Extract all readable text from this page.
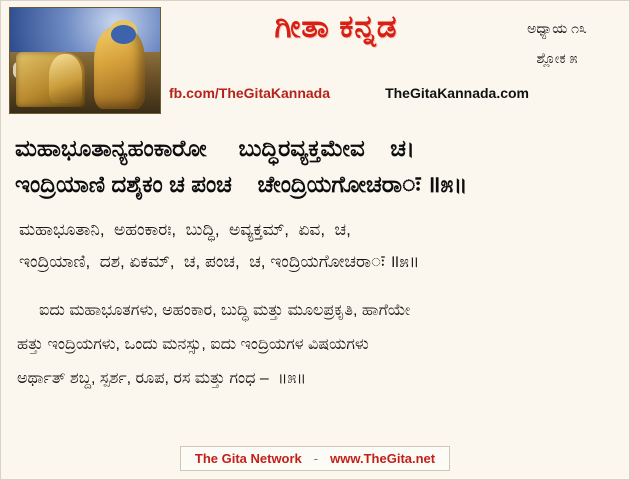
ಗೀತಾ ಕನ್ನಡ	ಅಧ್ಯಾಯ ೧೩
ಶ್ಲೋಕ ೫
fb.com/TheGitaKannada	TheGitaKannada.com
ಮಹಾಭೂತಾನ್ಯಹಂಕಾರೋ     ಬುದ್ಧಿರವ್ಯಕ್ತಮೇವ    ಚ।
ಇಂದ್ರಿಯಾಣಿ ದಶೈಕಂ ಚ ಪಂಚ    ಚೇಂದ್ರಿಯಗೋಚರಾः ॥೫॥
ಮಹಾಭೂತಾನಿ,  ಅಹಂಕಾರಃ,  ಬುದ್ಧಿ,  ಅವ್ಯಕ್ತಮ್,  ಏವ,  ಚ,
ಇಂದ್ರಿಯಾಣಿ,  ದಶ, ಏಕಮ್,  ಚ, ಪಂಚ,  ಚ, ಇಂದ್ರಿಯಗೋಚರಾः ॥೫॥
ಐದು ಮಹಾಭೂತಗಳು, ಅಹಂಕಾರ, ಬುದ್ಧಿ ಮತ್ತು ಮೂಲಪ್ರಕೃತಿ, ಹಾಗೆಯೇ
ಹತ್ತು ಇಂದ್ರಿಯಗಳು, ಒಂದು ಮನಸ್ಸು, ಐದು ಇಂದ್ರಿಯಗಳ ವಿಷಯಗಳು
ಅರ್ಥಾತ್ ಶಬ್ದ, ಸ್ಪರ್ಶ, ರೂಪ, ರಸ ಮತ್ತು ಗಂಧ –  ॥೫॥
The Gita Network - www.TheGita.net
